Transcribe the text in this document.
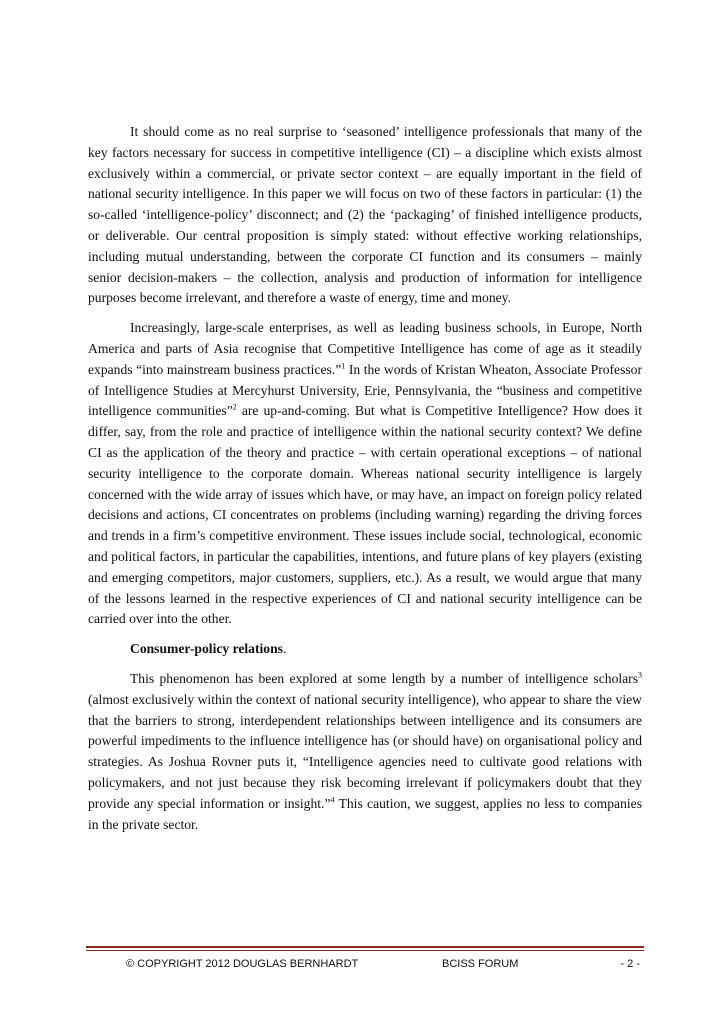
It should come as no real surprise to ‘seasoned’ intelligence professionals that many of the key factors necessary for success in competitive intelligence (CI) – a discipline which exists almost exclusively within a commercial, or private sector context – are equally important in the field of national security intelligence. In this paper we will focus on two of these factors in particular: (1) the so-called ‘intelligence-policy’ disconnect; and (2) the ‘packaging’ of finished intelligence products, or deliverable. Our central proposition is simply stated: without effective working relationships, including mutual understanding, between the corporate CI function and its consumers – mainly senior decision-makers – the collection, analysis and production of information for intelligence purposes become irrelevant, and therefore a waste of energy, time and money.

Increasingly, large-scale enterprises, as well as leading business schools, in Europe, North America and parts of Asia recognise that Competitive Intelligence has come of age as it steadily expands “into mainstream business practices.”$^1$ In the words of Kristan Wheaton, Associate Professor of Intelligence Studies at Mercyhurst University, Erie, Pennsylvania, the “business and competitive intelligence communities”$^2$ are up-and-coming. But what is Competitive Intelligence? How does it differ, say, from the role and practice of intelligence within the national security context? We define CI as the application of the theory and practice – with certain operational exceptions – of national security intelligence to the corporate domain. Whereas national security intelligence is largely concerned with the wide array of issues which have, or may have, an impact on foreign policy related decisions and actions, CI concentrates on problems (including warning) regarding the driving forces and trends in a firm’s competitive environment. These issues include social, technological, economic and political factors, in particular the capabilities, intentions, and future plans of key players (existing and emerging competitors, major customers, suppliers, etc.). As a result, we would argue that many of the lessons learned in the respective experiences of CI and national security intelligence can be carried over into the other.

Consumer-policy relations.

This phenomenon has been explored at some length by a number of intelligence scholars$^3$ (almost exclusively within the context of national security intelligence), who appear to share the view that the barriers to strong, interdependent relationships between intelligence and its consumers are powerful impediments to the influence intelligence has (or should have) on organisational policy and strategies. As Joshua Rovner puts it, “Intelligence agencies need to cultivate good relations with policymakers, and not just because they risk becoming irrelevant if policymakers doubt that they provide any special information or insight.”$^4$ This caution, we suggest, applies no less to companies in the private sector.

© COPYRIGHT 2012 DOUGLAS BERNHARDT	BCISS FORUM	- 2 -
